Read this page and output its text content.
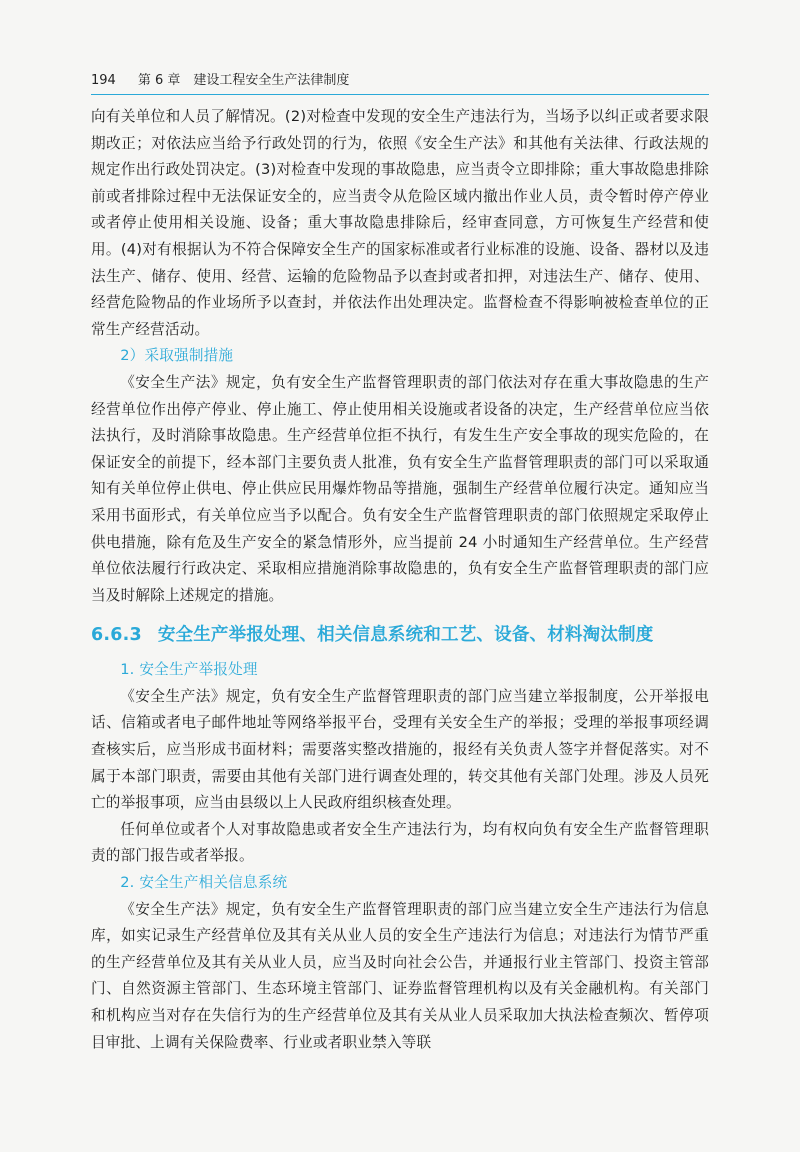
194 第 6 章　建设工程安全生产法律制度

向有关单位和人员了解情况。(2)对检查中发现的安全生产违法行为，当场予以纠正或者要求限期改正；对依法应当给予行政处罚的行为，依照《安全生产法》和其他有关法律、行政法规的规定作出行政处罚决定。(3)对检查中发现的事故隐患，应当责令立即排除；重大事故隐患排除前或者排除过程中无法保证安全的，应当责令从危险区域内撤出作业人员，责令暂时停产停业或者停止使用相关设施、设备；重大事故隐患排除后，经审查同意，方可恢复生产经营和使用。(4)对有根据认为不符合保障安全生产的国家标准或者行业标准的设施、设备、器材以及违法生产、储存、使用、经营、运输的危险物品予以查封或者扣押，对违法生产、储存、使用、经营危险物品的作业场所予以查封，并依法作出处理决定。监督检查不得影响被检查单位的正常生产经营活动。

2）采取强制措施

《安全生产法》规定，负有安全生产监督管理职责的部门依法对存在重大事故隐患的生产经营单位作出停产停业、停止施工、停止使用相关设施或者设备的决定，生产经营单位应当依法执行，及时消除事故隐患。生产经营单位拒不执行，有发生生产安全事故的现实危险的，在保证安全的前提下，经本部门主要负责人批准，负有安全生产监督管理职责的部门可以采取通知有关单位停止供电、停止供应民用爆炸物品等措施，强制生产经营单位履行决定。通知应当采用书面形式，有关单位应当予以配合。负有安全生产监督管理职责的部门依照规定采取停止供电措施，除有危及生产安全的紧急情形外，应当提前 24 小时通知生产经营单位。生产经营单位依法履行行政决定、采取相应措施消除事故隐患的，负有安全生产监督管理职责的部门应当及时解除上述规定的措施。

6.6.3 安全生产举报处理、相关信息系统和工艺、设备、材料淘汰制度

1. 安全生产举报处理

《安全生产法》规定，负有安全生产监督管理职责的部门应当建立举报制度，公开举报电话、信箱或者电子邮件地址等网络举报平台，受理有关安全生产的举报；受理的举报事项经调查核实后，应当形成书面材料；需要落实整改措施的，报经有关负责人签字并督促落实。对不属于本部门职责，需要由其他有关部门进行调查处理的，转交其他有关部门处理。涉及人员死亡的举报事项，应当由县级以上人民政府组织核查处理。

任何单位或者个人对事故隐患或者安全生产违法行为，均有权向负有安全生产监督管理职责的部门报告或者举报。

2. 安全生产相关信息系统

《安全生产法》规定，负有安全生产监督管理职责的部门应当建立安全生产违法行为信息库，如实记录生产经营单位及其有关从业人员的安全生产违法行为信息；对违法行为情节严重的生产经营单位及其有关从业人员，应当及时向社会公告，并通报行业主管部门、投资主管部门、自然资源主管部门、生态环境主管部门、证券监督管理机构以及有关金融机构。有关部门和机构应当对存在失信行为的生产经营单位及其有关从业人员采取加大执法检查频次、暂停项目审批、上调有关保险费率、行业或者职业禁入等联
